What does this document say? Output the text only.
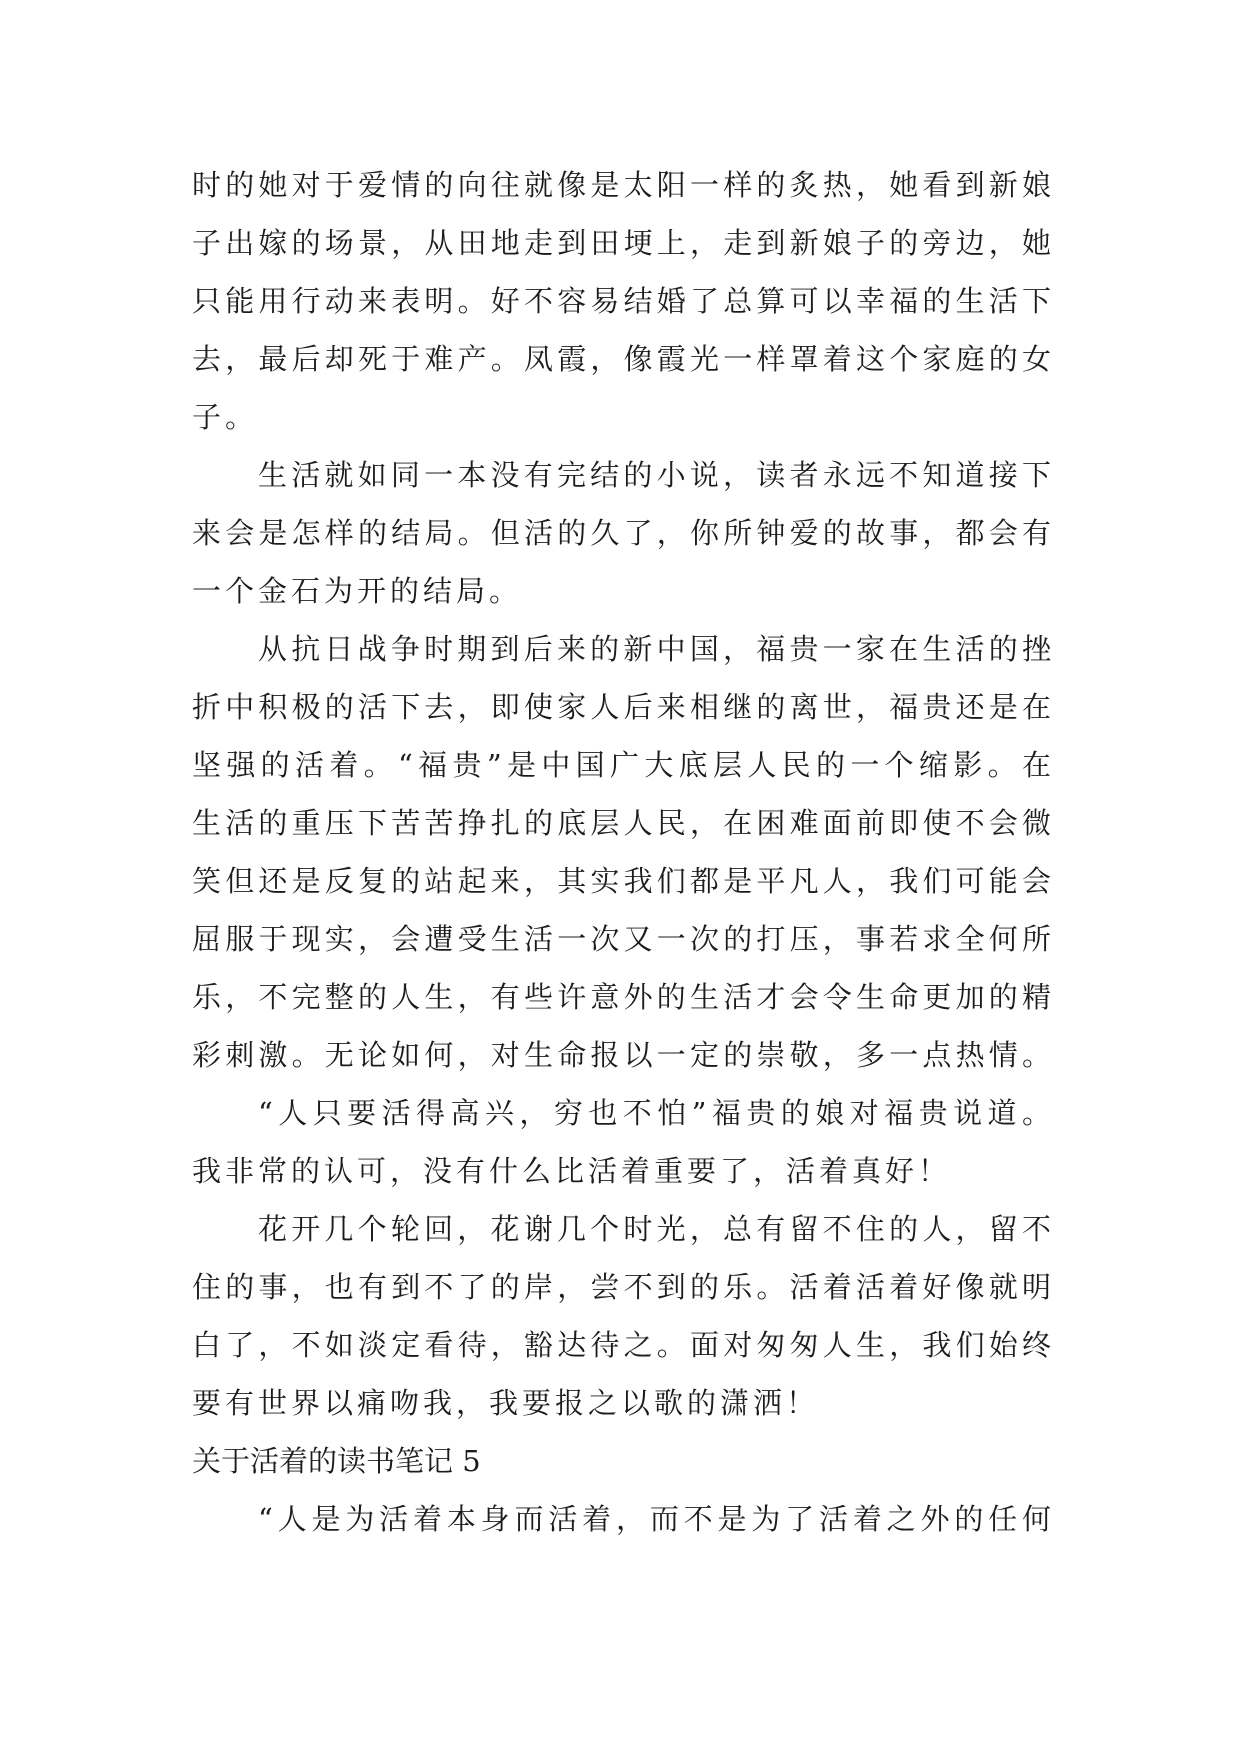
时的她对于爱情的向往就像是太阳一样的炙热，她看到新娘
子出嫁的场景，从田地走到田埂上，走到新娘子的旁边，她
只能用行动来表明。好不容易结婚了总算可以幸福的生活下
去，最后却死于难产。凤霞，像霞光一样罩着这个家庭的女
子。
生活就如同一本没有完结的小说，读者永远不知道接下
来会是怎样的结局。但活的久了，你所钟爱的故事，都会有
一个金石为开的结局。
从抗日战争时期到后来的新中国，福贵一家在生活的挫
折中积极的活下去，即使家人后来相继的离世，福贵还是在
坚强的活着。“福贵”是中国广大底层人民的一个缩影。在
生活的重压下苦苦挣扎的底层人民，在困难面前即使不会微
笑但还是反复的站起来，其实我们都是平凡人，我们可能会
屈服于现实，会遭受生活一次又一次的打压，事若求全何所
乐，不完整的人生，有些许意外的生活才会令生命更加的精
彩刺激。无论如何，对生命报以一定的崇敬，多一点热情。
“人只要活得高兴，穷也不怕”福贵的娘对福贵说道。
我非常的认可，没有什么比活着重要了，活着真好！
花开几个轮回，花谢几个时光，总有留不住的人，留不
住的事，也有到不了的岸，尝不到的乐。活着活着好像就明
白了，不如淡定看待，豁达待之。面对匆匆人生，我们始终
要有世界以痛吻我，我要报之以歌的潇洒！
关于活着的读书笔记 5
“人是为活着本身而活着，而不是为了活着之外的任何
